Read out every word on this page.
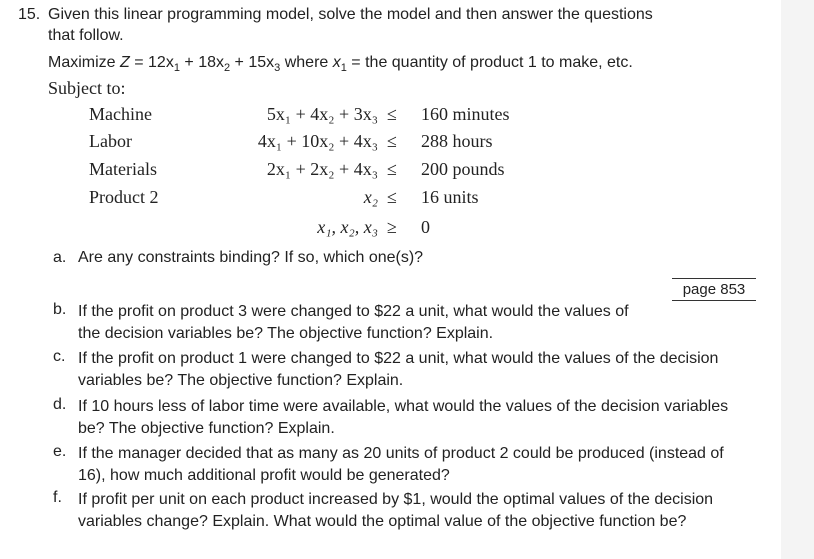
15. Given this linear programming model, solve the model and then answer the questions
that follow.
Maximize $Z = 12x_1 + 18x_2 + 15x_3$ where $x_1$ = the quantity of product 1 to make, etc.
Subject to:
Machine	5x₁ + 4x₂ + 3x₃ ≤ 160 minutes
Labor	4x₁ + 10x₂ + 4x₃ ≤ 288 hours
Materials	2x₁ + 2x₂ + 4x₃ ≤ 200 pounds
Product 2	x₂ ≤ 16 units
x₁, x₂, x₃ ≥ 0
a. Are any constraints binding? If so, which one(s)?
page 853
b. If the profit on product 3 were changed to $22 a unit, what would the values of the decision variables be? The objective function? Explain.
c. If the profit on product 1 were changed to $22 a unit, what would the values of the decision variables be? The objective function? Explain.
d. If 10 hours less of labor time were available, what would the values of the decision variables be? The objective function? Explain.
e. If the manager decided that as many as 20 units of product 2 could be produced (instead of 16), how much additional profit would be generated?
f. If profit per unit on each product increased by $1, would the optimal values of the decision variables change? Explain. What would the optimal value of the objective function be?
